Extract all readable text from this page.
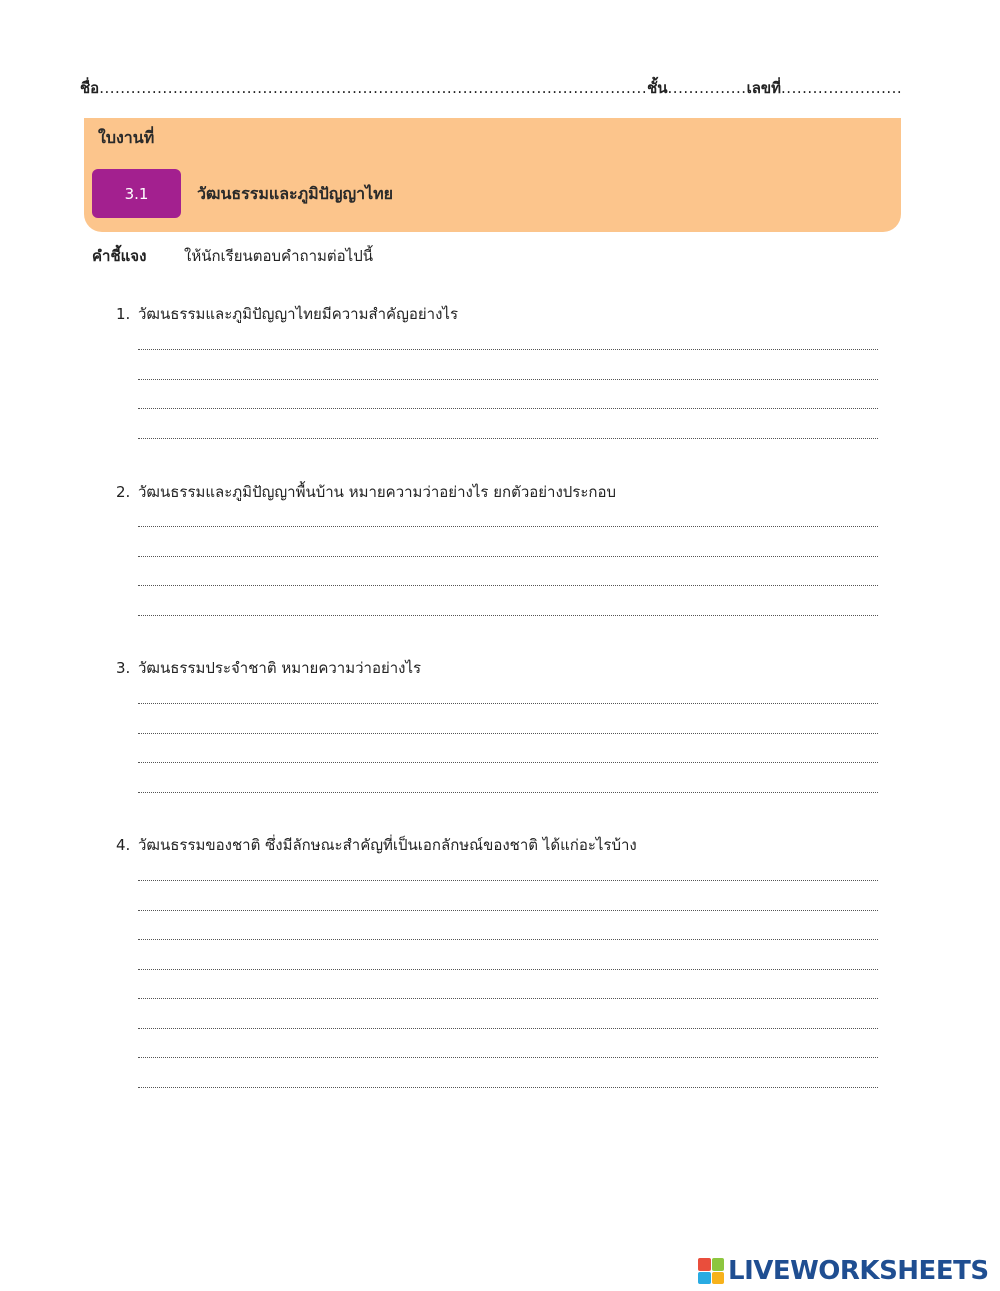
ชื่อ........................................................................................................ชั้น...............เลขที่.......................
ใบงานที่
3.1	วัฒนธรรมและภูมิปัญญาไทย
คำชี้แจง	ให้นักเรียนตอบคำถามต่อไปนี้
1. วัฒนธรรมและภูมิปัญญาไทยมีความสำคัญอย่างไร
2. วัฒนธรรมและภูมิปัญญาพื้นบ้าน หมายความว่าอย่างไร ยกตัวอย่างประกอบ
3. วัฒนธรรมประจำชาติ หมายความว่าอย่างไร
4. วัฒนธรรมของชาติ ซึ่งมีลักษณะสำคัญที่เป็นเอกลักษณ์ของชาติ ได้แก่อะไรบ้าง
LIVEWORKSHEETS
